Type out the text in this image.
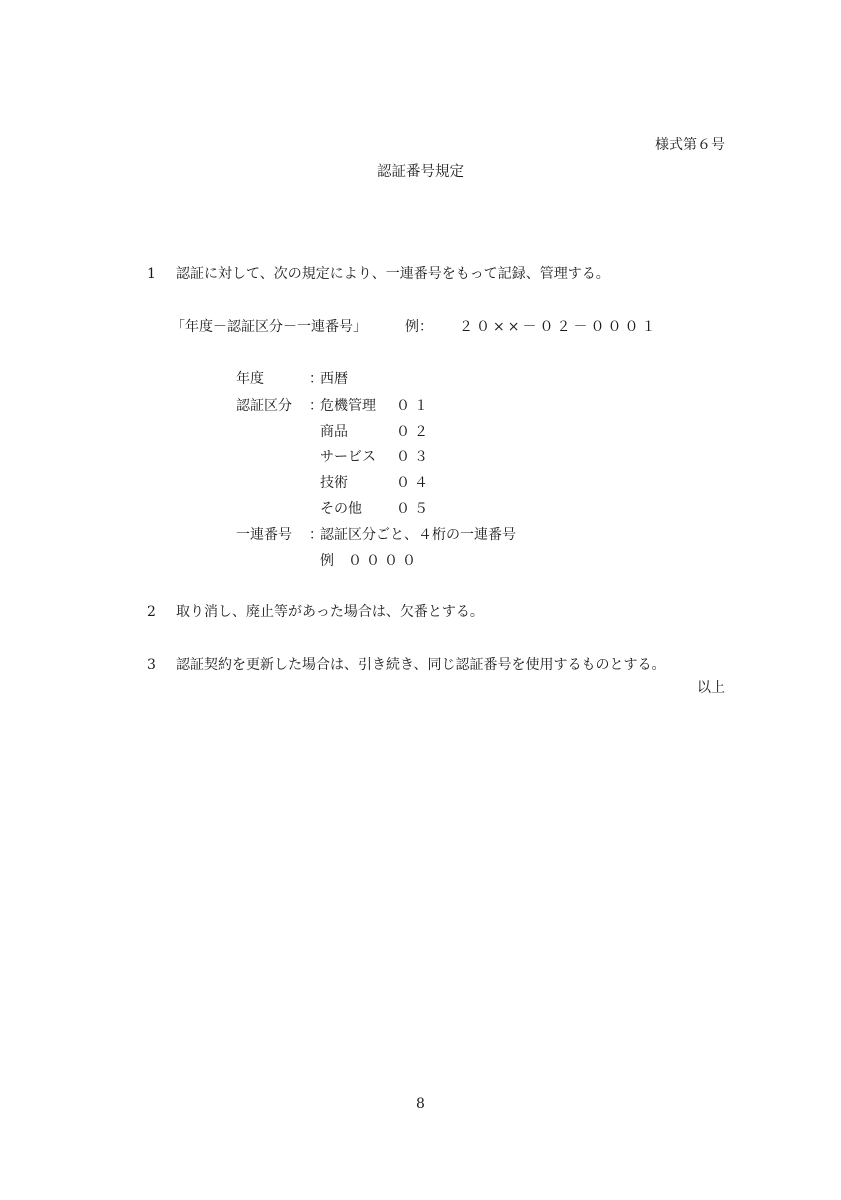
様式第６号
認証番号規定
1 認証に対して、次の規定により、一連番号をもって記録、管理する。
「年度－認証区分－一連番号」	例： ２０××－０２－０００１
年度	：
西暦
認証区分 ：
危機管理 ０１
商品	０２
サービス ０３
技術	０４
その他 ０５
一連番号 ：
認証区分ごと、４桁の一連番号
例 ００００
2 取り消し、廃止等があった場合は、欠番とする。
3 認証契約を更新した場合は、引き続き、同じ認証番号を使用するものとする。
以上
8
